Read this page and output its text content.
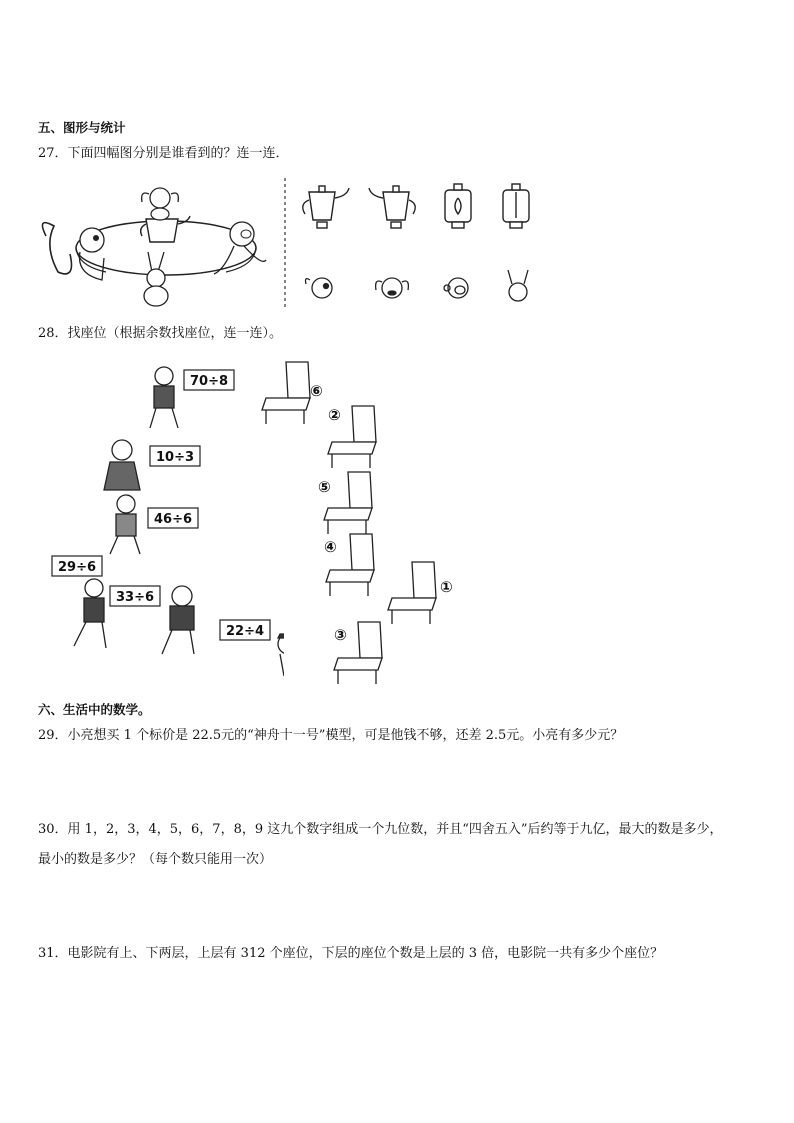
五、图形与统计
27．下面四幅图分别是谁看到的？连一连．
28．找座位（根据余数找座位，连一连）。
70÷8
10÷3
46÷6
29÷6
33÷6
22÷4
⑥
②
⑤
④
①
③
六、生活中的数学。
29．小亮想买 1 个标价是 22.5元的“神舟十一号”模型，可是他钱不够，还差 2.5元。小亮有多少元？
30．用 1，2，3，4，5，6，7，8，9 这九个数字组成一个九位数，并且“四舍五入”后约等于九亿，最大的数是多少，
最小的数是多少？（每个数只能用一次）
31．电影院有上、下两层，上层有 312 个座位，下层的座位个数是上层的 3 倍，电影院一共有多少个座位？
